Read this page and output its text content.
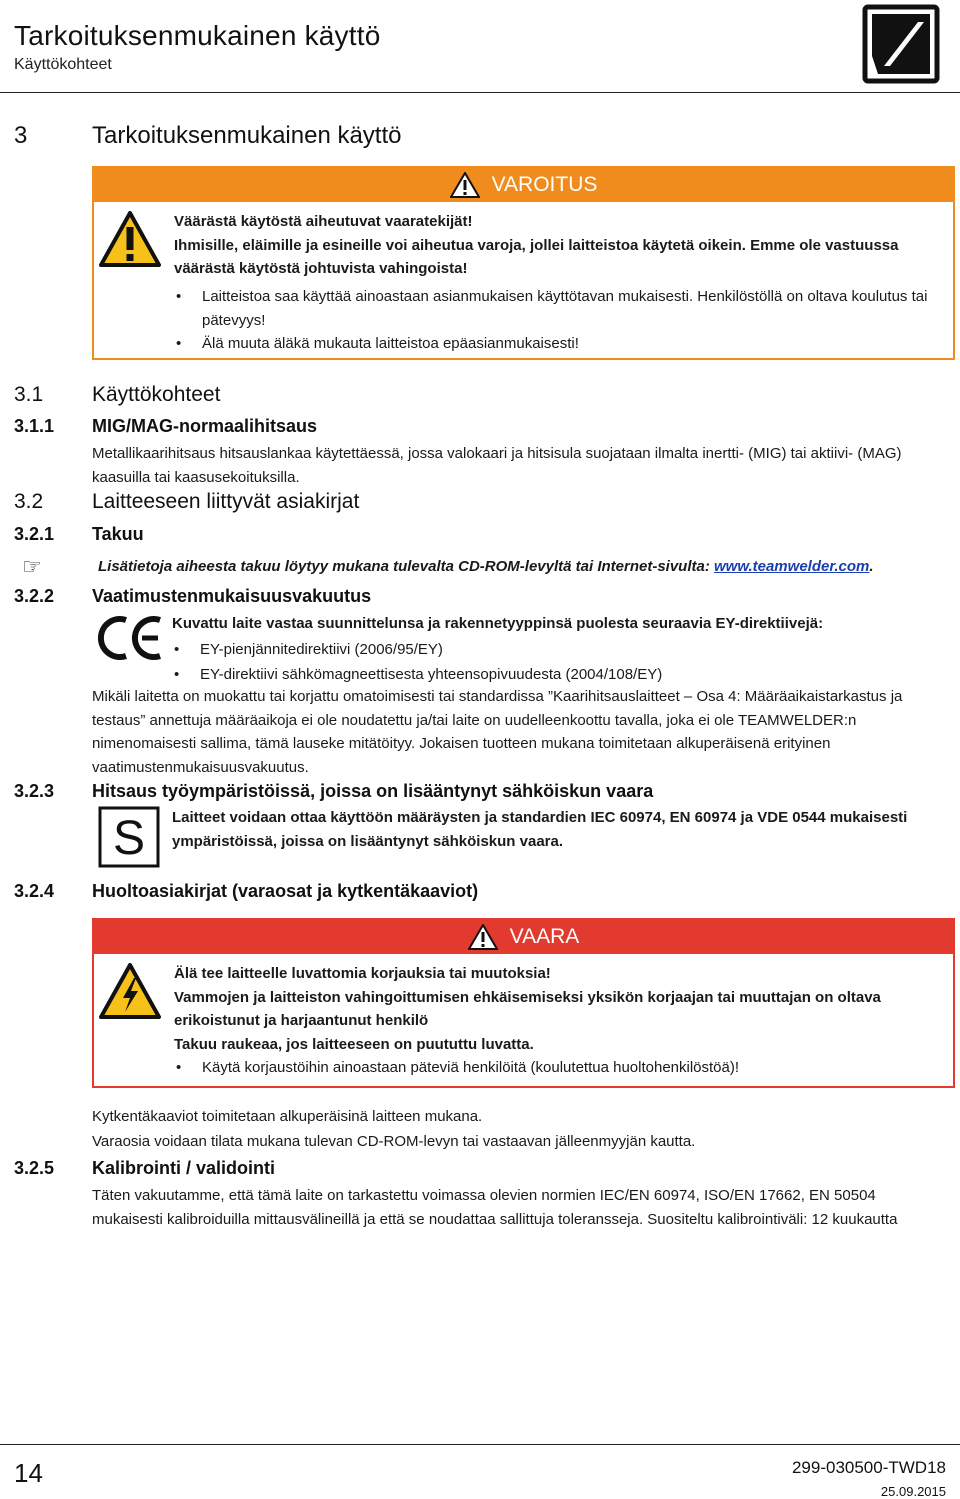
Tarkoituksenmukainen käyttö
Käyttökohteet
3	Tarkoituksenmukainen käyttö
VAROITUS
Väärästä käytöstä aiheutuvat vaaratekijät!
Ihmisille, eläimille ja esineille voi aiheutua varoja, jollei laitteistoa käytetä oikein. Emme ole vastuussa
väärästä käytöstä johtuvista vahingoista!
• Laitteistoa saa käyttää ainoastaan asianmukaisen käyttötavan mukaisesti. Henkilöstöllä on oltava koulutus tai
pätevyys!
• Älä muuta äläkä mukauta laitteistoa epäasianmukaisesti!
3.1 Käyttökohteet
3.1.1 MIG/MAG-normaalihitsaus
Metallikaarihitsaus hitsauslankaa käytettäessä, jossa valokaari ja hitsisula suojataan ilmalta inertti- (MIG) tai aktiivi- (MAG)
kaasuilla tai kaasusekoituksilla.
3.2 Laitteeseen liittyvät asiakirjat
3.2.1 Takuu
☞	Lisätietoja aiheesta takuu löytyy mukana tulevalta CD-ROM-levyltä tai Internet-sivulta: www.teamwelder.com.
3.2.2 Vaatimustenmukaisuusvakuutus
Kuvattu laite vastaa suunnittelunsa ja rakennetyyppinsä puolesta seuraavia EY-direktiivejä:
• EY-pienjännitedirektiivi (2006/95/EY)
• EY-direktiivi sähkömagneettisesta yhteensopivuudesta (2004/108/EY)
Mikäli laitetta on muokattu tai korjattu omatoimisesti tai standardissa ”Kaarihitsauslaitteet – Osa 4: Määräaikaistarkastus ja
testaus” annettuja määräaikoja ei ole noudatettu ja/tai laite on uudelleenkoottu tavalla, joka ei ole TEAMWELDER:n
nimenomaisesti sallima, tämä lauseke mitätöityy. Jokaisen tuotteen mukana toimitetaan alkuperäisenä erityinen
vaatimustenmukaisuusvakuutus.
3.2.3 Hitsaus työympäristöissä, joissa on lisääntynyt sähköiskun vaara
S Laitteet voidaan ottaa käyttöön määräysten ja standardien IEC 60974, EN 60974 ja VDE 0544 mukaisesti
ympäristöissä, joissa on lisääntynyt sähköiskun vaara.
3.2.4 Huoltoasiakirjat (varaosat ja kytkentäkaaviot)
VAARA
Älä tee laitteelle luvattomia korjauksia tai muutoksia!
Vammojen ja laitteiston vahingoittumisen ehkäisemiseksi yksikön korjaajan tai muuttajan on oltava
erikoistunut ja harjaantunut henkilö
Takuu raukeaa, jos laitteeseen on puututtu luvatta.
• Käytä korjaustöihin ainoastaan päteviä henkilöitä (koulutettua huoltohenkilöstöä)!
Kytkentäkaaviot toimitetaan alkuperäisinä laitteen mukana.
Varaosia voidaan tilata mukana tulevan CD-ROM-levyn tai vastaavan jälleenmyyjän kautta.
3.2.5 Kalibrointi / validointi
Täten vakuutamme, että tämä laite on tarkastettu voimassa olevien normien IEC/EN 60974, ISO/EN 17662, EN 50504
mukaisesti kalibroiduilla mittausvälineillä ja että se noudattaa sallittuja toleransseja. Suositeltu kalibrointiväli: 12 kuukautta
14	299-030500-TWD18
25.09.2015
